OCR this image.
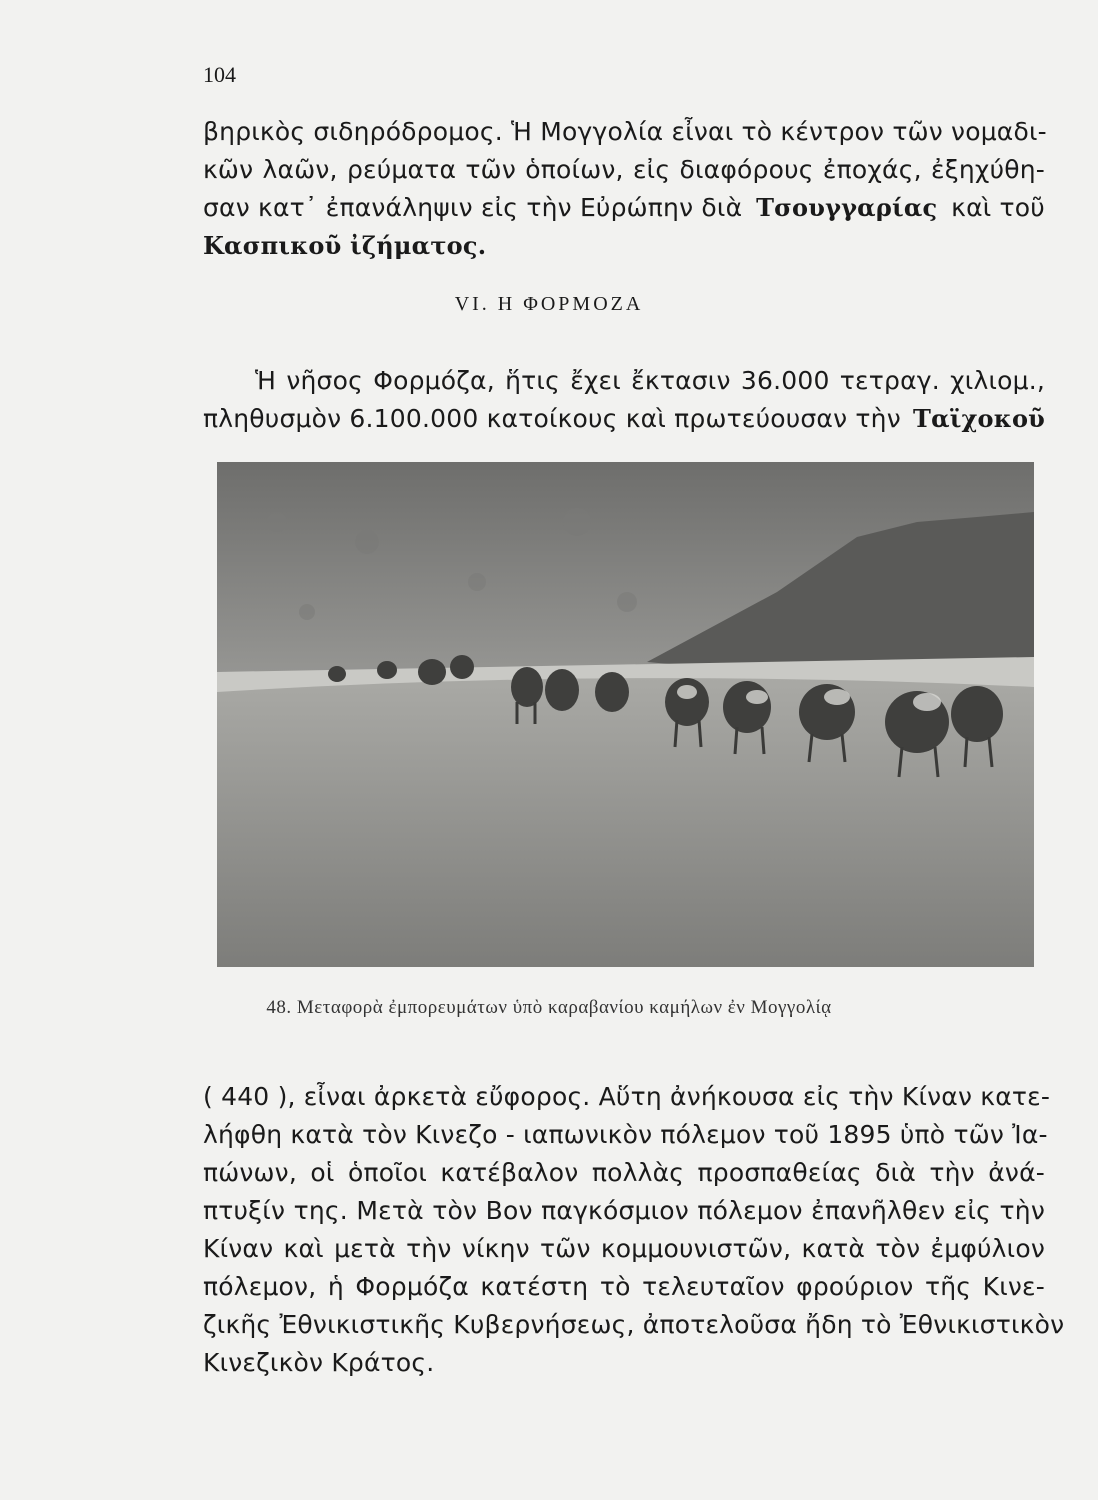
104
βηρικὸς σιδηρόδρομος. Ἡ Μογγολία εἶναι τὸ κέντρον τῶν νομαδι-
κῶν λαῶν, ρεύματα τῶν ὁποίων, εἰς διαφόρους ἐποχάς, ἐξηχύθη-
σαν κατ᾿ ἐπανάληψιν εἰς τὴν Εὐρώπην διὰ Τσουγγαρίας καὶ τοῦ
Κασπικοῦ ἰζήματος.
VI. Η ΦΟΡΜΟΖΑ
Ἡ νῆσος Φορμόζα, ἥτις ἔχει ἔκτασιν 36.000 τετραγ. χιλιομ.,
πληθυσμὸν 6.100.000 κατοίκους καὶ πρωτεύουσαν τὴν Ταϊχοκοῦ
48. Μεταφορὰ ἐμπορευμάτων ὑπὸ καραβανίου καμήλων ἐν Μογγολίᾳ
( 440 ), εἶναι ἀρκετὰ εὔφορος. Αὕτη ἀνήκουσα εἰς τὴν Κίναν κατε-
λήφθη κατὰ τὸν Κινεζο - ιαπωνικὸν πόλεμον τοῦ 1895 ὑπὸ τῶν Ἰα-
πώνων, οἱ ὁποῖοι κατέβαλον πολλὰς προσπαθείας διὰ τὴν ἀνά-
πτυξίν της. Μετὰ τὸν Βον παγκόσμιον πόλεμον ἐπανῆλθεν εἰς τὴν
Κίναν καὶ μετὰ τὴν νίκην τῶν κομμουνιστῶν, κατὰ τὸν ἐμφύλιον
πόλεμον, ἡ Φορμόζα κατέστη τὸ τελευταῖον φρούριον τῆς Κινε-
ζικῆς Ἐθνικιστικῆς Κυβερνήσεως, ἀποτελοῦσα ἤδη τὸ Ἐθνικιστικὸν
Κινεζικὸν Κράτος.
